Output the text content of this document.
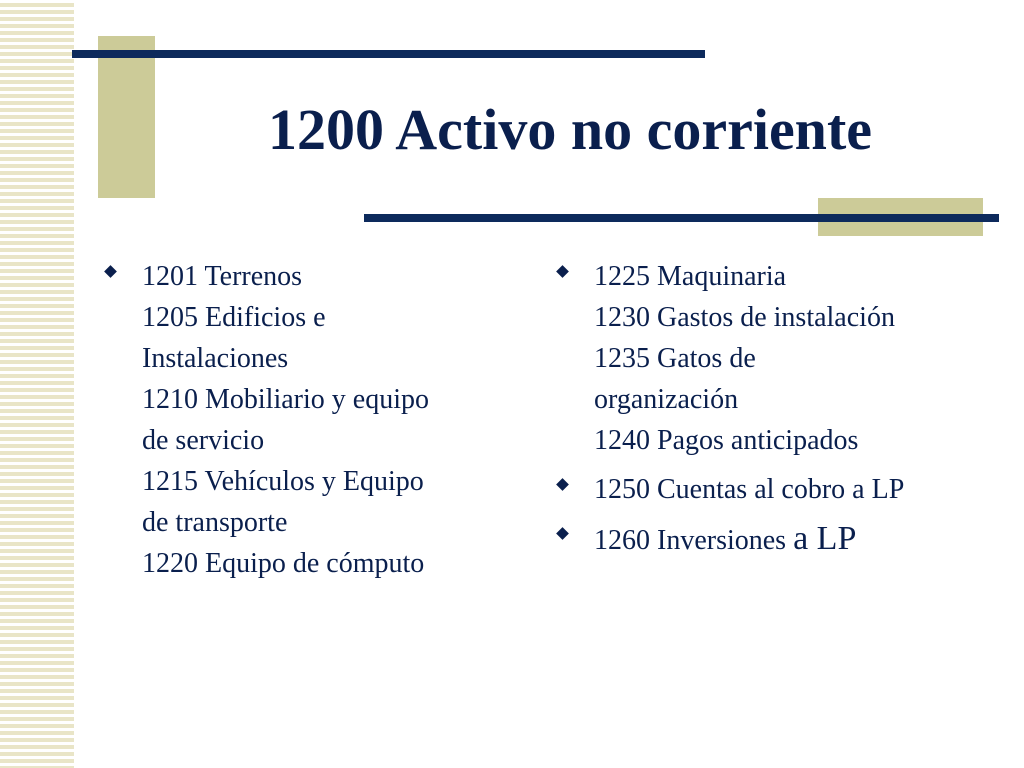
1200 Activo no corriente
1201 Terrenos
1205 Edificios e
Instalaciones
1210 Mobiliario y equipo
de servicio
1215 Vehículos y Equipo
de transporte
1220 Equipo de cómputo
1225 Maquinaria
1230 Gastos de instalación
1235 Gatos de
organización
1240 Pagos anticipados
1250 Cuentas al cobro a LP
1260 Inversiones a LP
